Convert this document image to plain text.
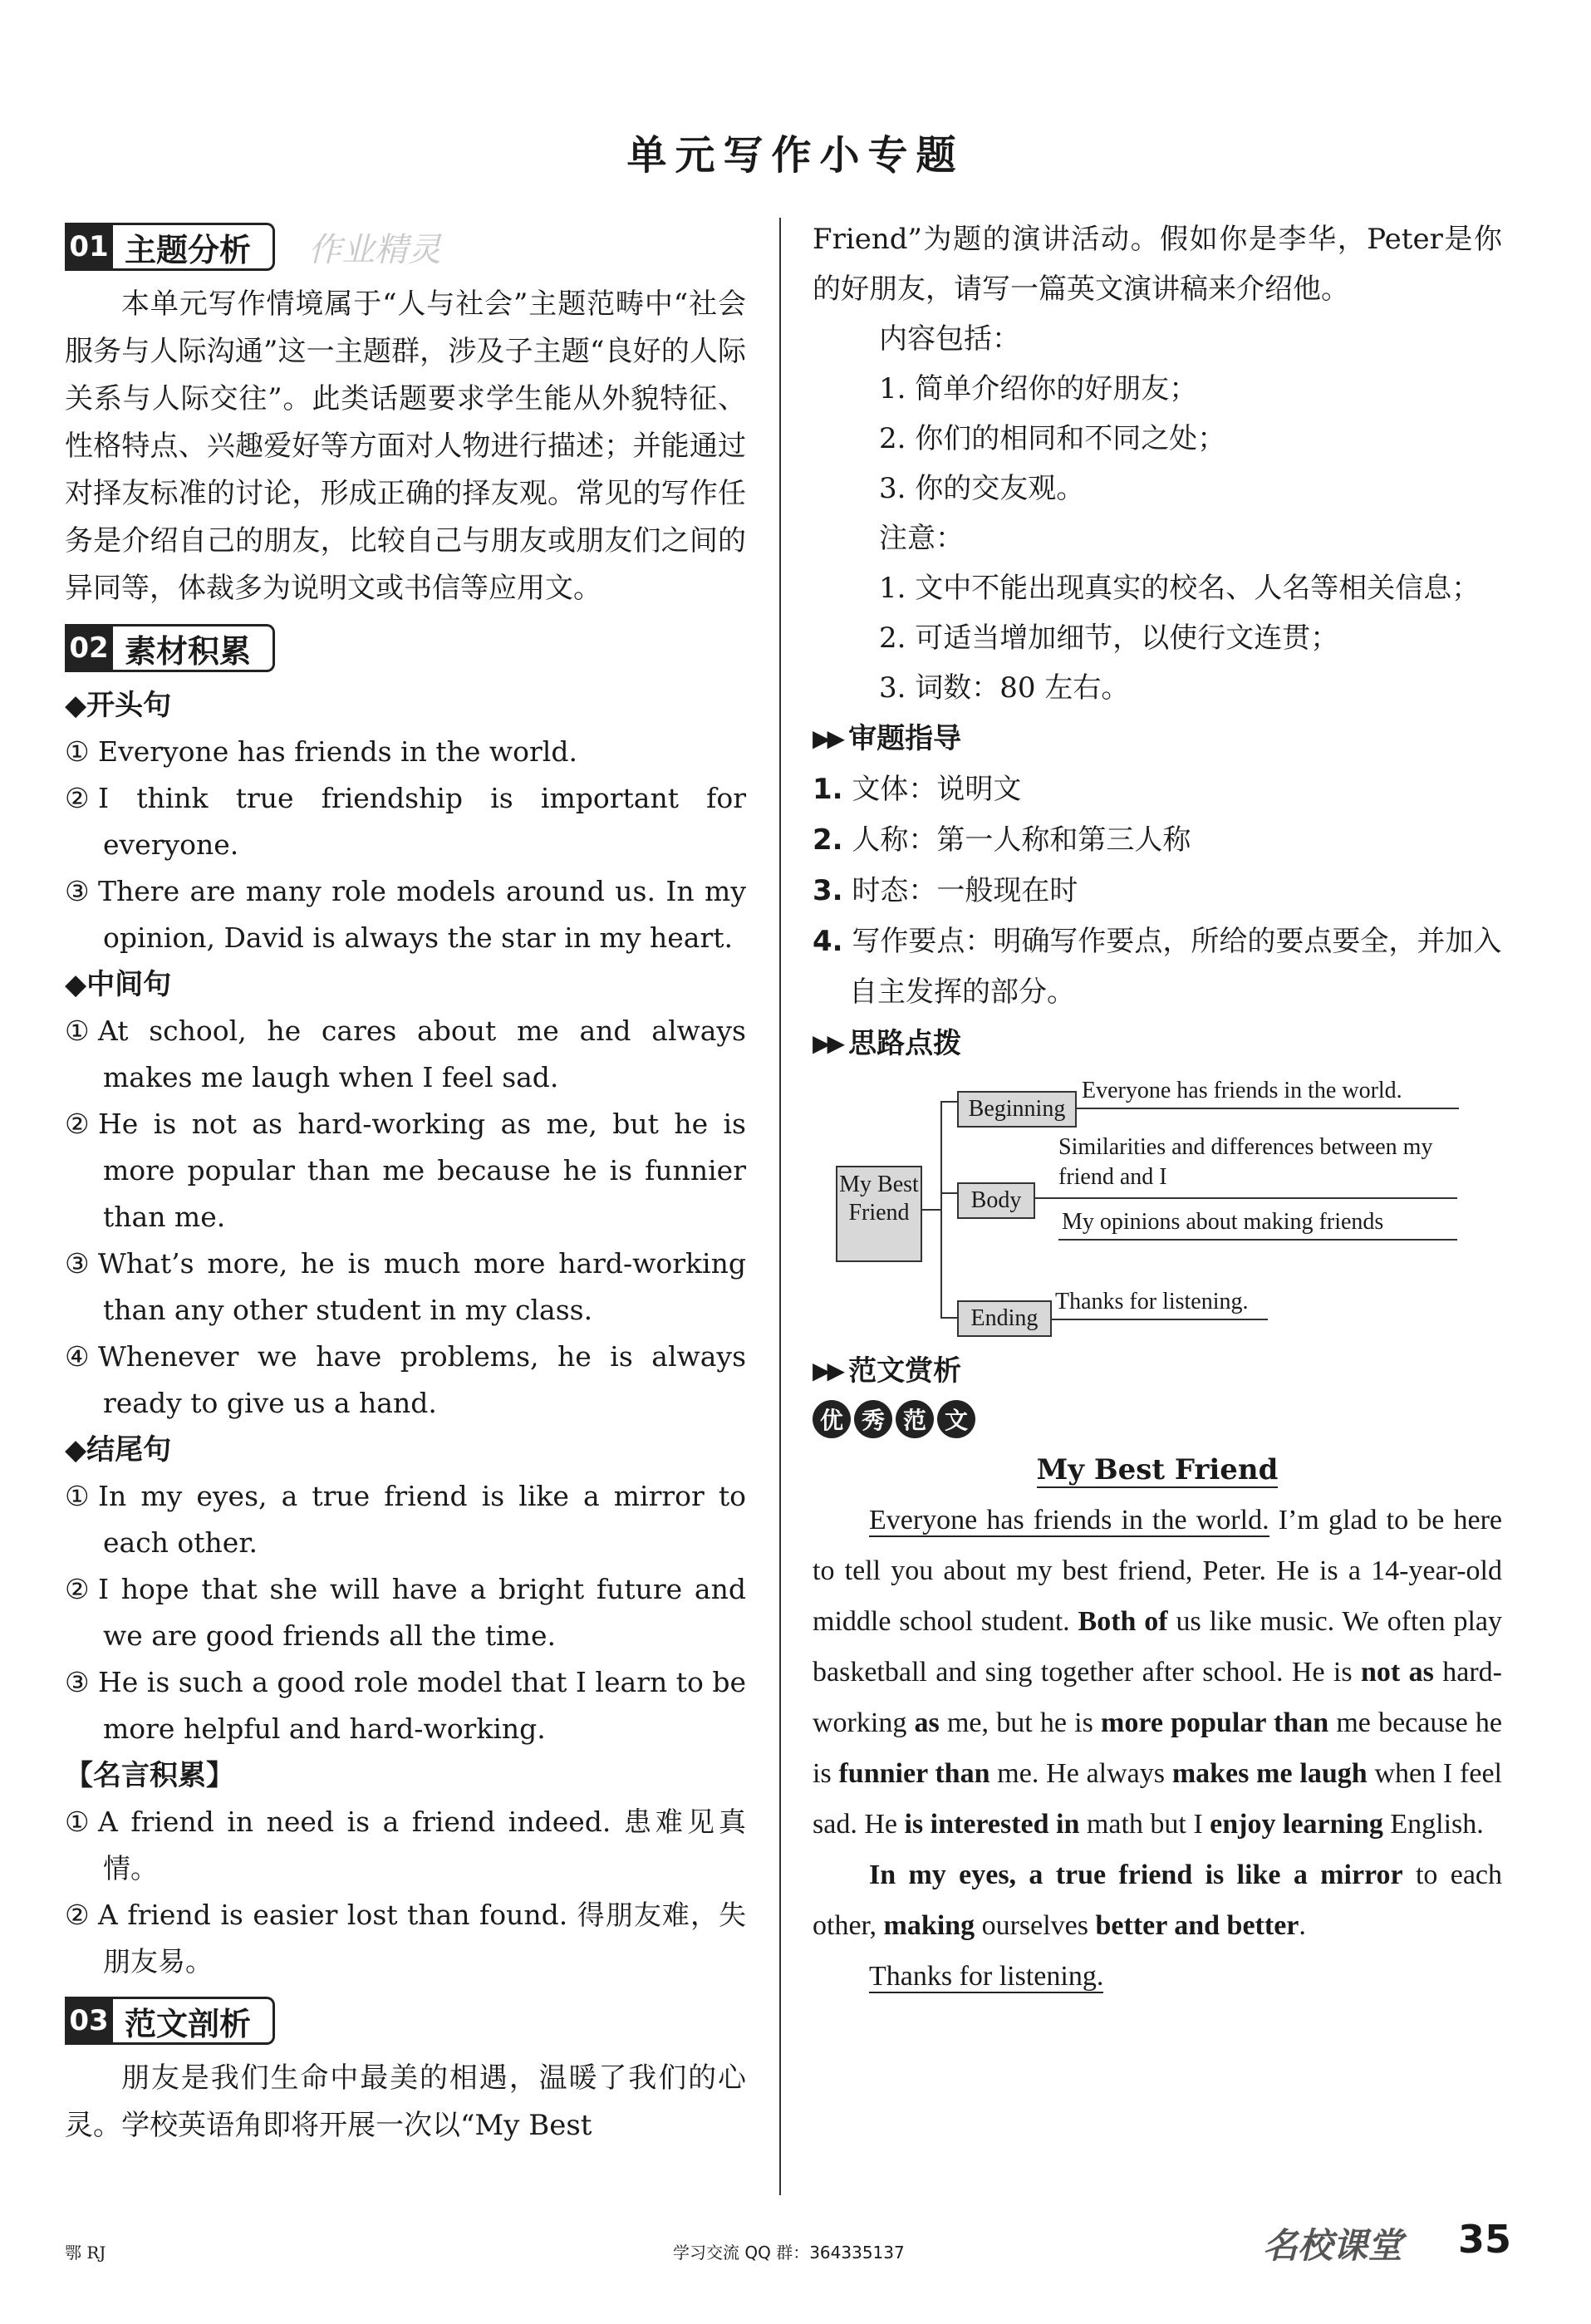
单元写作小专题
01 主题分析	作业精灵

本单元写作情境属于“人与社会”主题范畴中“社会服务与人际沟通”这一主题群，涉及子主题“良好的人际关系与人际交往”。此类话题要求学生能从外貌特征、性格特点、兴趣爱好等方面对人物进行描述；并能通过对择友标准的讨论，形成正确的择友观。常见的写作任务是介绍自己的朋友，比较自己与朋友或朋友们之间的异同等，体裁多为说明文或书信等应用文。

02 素材积累
◆开头句

① Everyone has friends in the world.

② I think true friendship is important for everyone.

③ There are many role models around us. In my opinion, David is always the star in my heart.

◆中间句

① At school, he cares about me and always makes me laugh when I feel sad.

② He is not as hard-working as me, but he is more popular than me because he is funnier than me.

③ What’s more, he is much more hard-working than any other student in my class.

④ Whenever we have problems, he is always ready to give us a hand.

◆结尾句

① In my eyes, a true friend is like a mirror to each other.

② I hope that she will have a bright future and we are good friends all the time.

③ He is such a good role model that I learn to be more helpful and hard-working.

【名言积累】

① A friend in need is a friend indeed. 患难见真情。

② A friend is easier lost than found. 得朋友难，失朋友易。

03 范文剖析

朋友是我们生命中最美的相遇，温暖了我们的心灵。学校英语角即将开展一次以“My Best

Friend”为题的演讲活动。假如你是李华，Peter是你的好朋友，请写一篇英文演讲稿来介绍他。

内容包括：

1. 简单介绍你的好朋友；

2. 你们的相同和不同之处；

3. 你的交友观。

注意：

1. 文中不能出现真实的校名、人名等相关信息；

2. 可适当增加细节，以使行文连贯；

3. 词数：80 左右。

▶▶ 审题指导

1. 文体：说明文

2. 人称：第一人称和第三人称

3. 时态：一般现在时

4. 写作要点：明确写作要点，所给的要点要全，并加入自主发挥的部分。

▶▶ 思路点拨
My Best Friend
Beginning
Everyone has friends in the world.
Body
Similarities and differences between my friend and I
My opinions about making friends
Ending
Thanks for listening.
▶▶ 范文赏析
优 秀 范 文
My Best Friend

Everyone has friends in the world. I’m glad to be here to tell you about my best friend, Peter. He is a 14-year-old middle school student. Both of us like music. We often play basketball and sing together after school. He is not as hard-working as me, but he is more popular than me because he is funnier than me. He always makes me laugh when I feel sad. He is interested in math but I enjoy learning English.

In my eyes, a true friend is like a mirror to each other, making ourselves better and better.

Thanks for listening.

鄂 RJ	学习交流 QQ 群：364335137	名校课堂 35
